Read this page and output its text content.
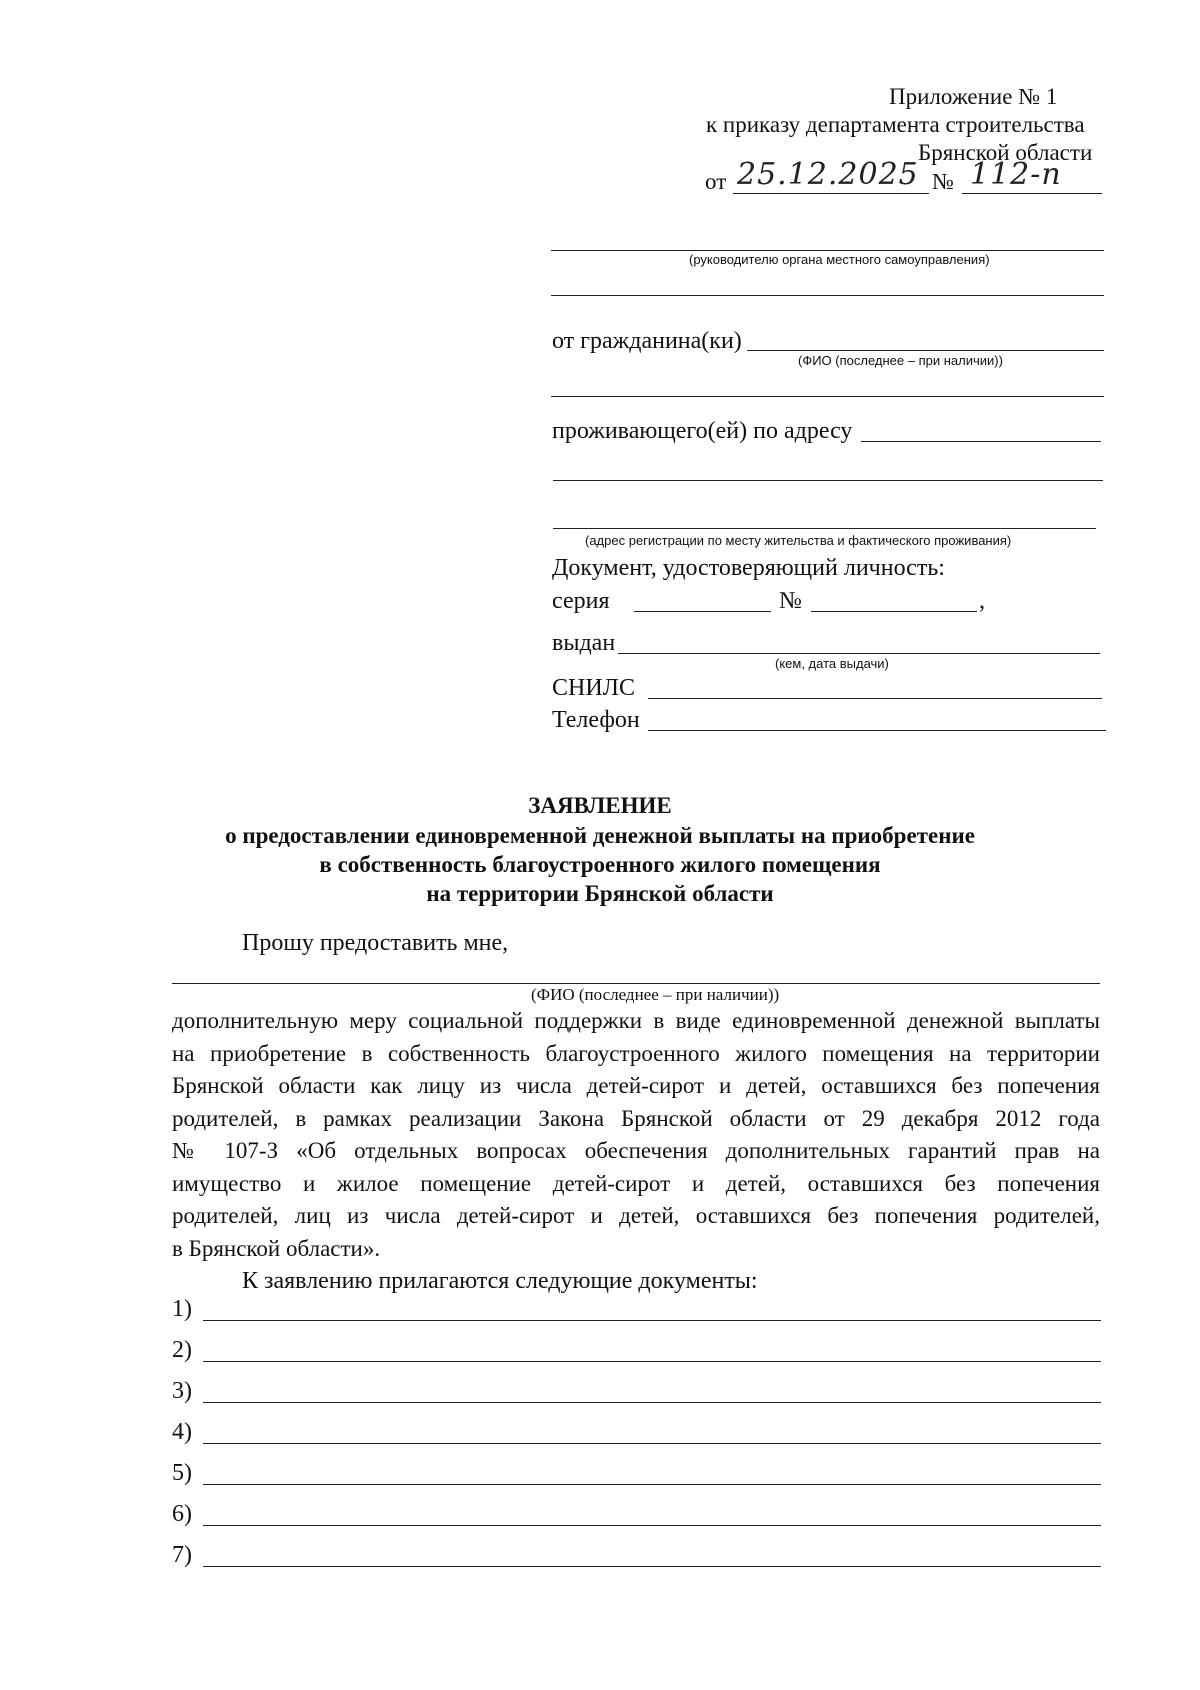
Приложение № 1
к приказу департамента строительства
Брянской области
от 25.12.2025 № 112-п
(руководителю органа местного самоуправления)
от гражданина(ки)
(ФИО (последнее – при наличии))
проживающего(ей) по адресу
(адрес регистрации по месту жительства и фактического проживания)
Документ, удостоверяющий личность:
серия	№	,
выдан
(кем, дата выдачи)
СНИЛС
Телефон
ЗАЯВЛЕНИЕ
о предоставлении единовременной денежной выплаты на приобретение
в собственность благоустроенного жилого помещения
на территории Брянской области
Прошу предоставить мне,
(ФИО (последнее – при наличии))
дополнительную меру социальной поддержки в виде единовременной денежной выплаты
на приобретение в собственность благоустроенного жилого помещения на территории
Брянской области как лицу из числа детей-сирот и детей, оставшихся без попечения
родителей, в рамках реализации Закона Брянской области от 29 декабря 2012 года
№ 107-З «Об отдельных вопросах обеспечения дополнительных гарантий прав на
имущество и жилое помещение детей-сирот и детей, оставшихся без попечения
родителей, лиц из числа детей-сирот и детей, оставшихся без попечения родителей,
в Брянской области».
К заявлению прилагаются следующие документы:
1)
2)
3)
4)
5)
6)
7)
